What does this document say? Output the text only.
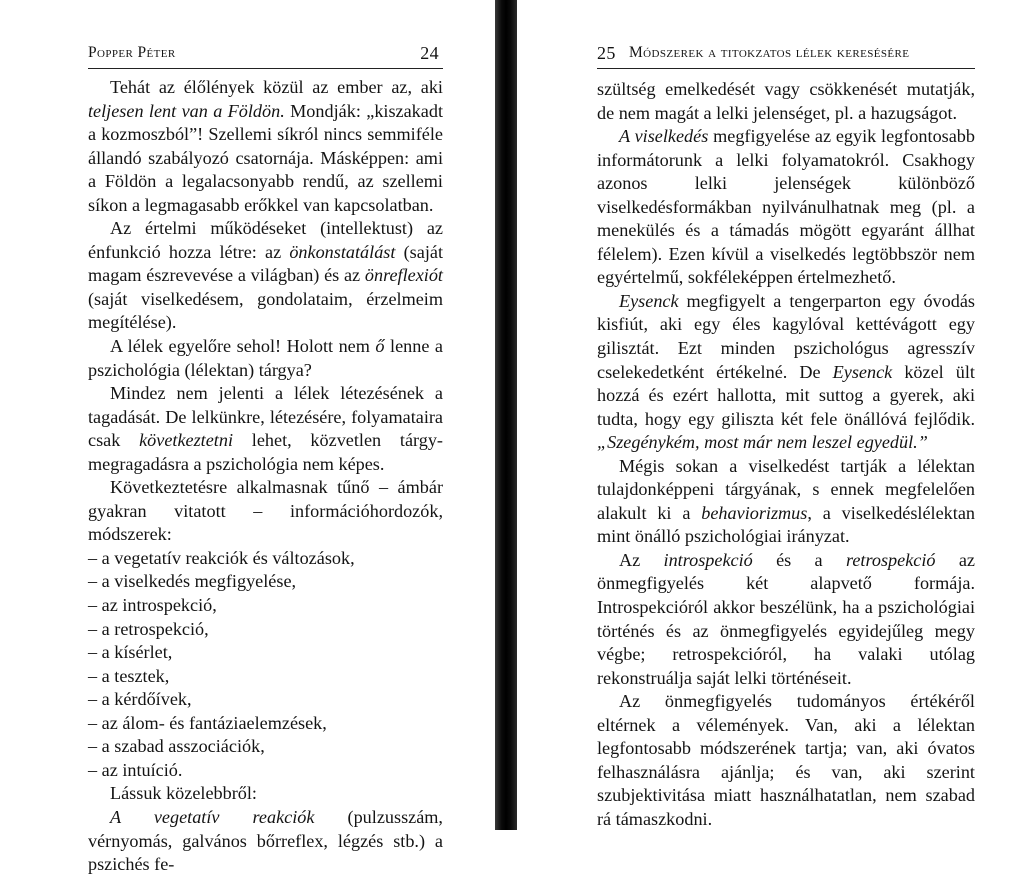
Popper Péter	24

Tehát az élőlények közül az ember az, aki teljesen lent van a Földön. Mondják: „kiszakadt a kozmoszból”! Szellemi síkról nincs semmiféle állandó szabályozó csatornája. Másképpen: ami a Földön a legalacsonyabb rendű, az szellemi síkon a legmagasabb erőkkel van kapcsolatban.

Az értelmi működéseket (intellektust) az énfunkció hozza létre: az önkonstatálást (saját magam észrevevése a világban) és az önreflexiót (saját viselkedésem, gondolataim, érzelmeim megítélése).

A lélek egyelőre sehol! Holott nem ő lenne a pszichológia (lélektan) tárgya?

Mindez nem jelenti a lélek létezésének a tagadását. De lelkünkre, létezésére, folyamataira csak következtetni lehet, közvetlen tárgy-megragadásra a pszichológia nem képes.

Következtetésre alkalmasnak tűnő – ámbár gyakran vitatott – információhordozók, módszerek:

– a vegetatív reakciók és változások,
– a viselkedés megfigyelése,
– az introspekció,
– a retrospekció,
– a kísérlet,
– a tesztek,
– a kérdőívek,
– az álom- és fantáziaelemzések,
– a szabad asszociációk,
– az intuíció.

Lássuk közelebbről:

A vegetatív reakciók (pulzusszám, vérnyomás, galvános bőrreflex, légzés stb.) a pszichés fe-

25 Módszerek a titokzatos lélek keresésére

szültség emelkedését vagy csökkenését mutatják, de nem magát a lelki jelenséget, pl. a hazugságot.

A viselkedés megfigyelése az egyik legfontosabb informátorunk a lelki folyamatokról. Csakhogy azonos lelki jelenségek különböző viselkedésformákban nyilvánulhatnak meg (pl. a menekülés és a támadás mögött egyaránt állhat félelem). Ezen kívül a viselkedés legtöbbször nem egyértelmű, sokféleképpen értelmezhető.

Eysenck megfigyelt a tengerparton egy óvodás kisfiút, aki egy éles kagylóval kettévágott egy gilisztát. Ezt minden pszichológus agresszív cselekedetként értékelné. De Eysenck közel ült hozzá és ezért hallotta, mit suttog a gyerek, aki tudta, hogy egy giliszta két fele önállóvá fejlődik. „Szegénykém, most már nem leszel egyedül.”

Mégis sokan a viselkedést tartják a lélektan tulajdonképpeni tárgyának, s ennek megfelelően alakult ki a behaviorizmus, a viselkedéslélektan mint önálló pszichológiai irányzat.

Az introspekció és a retrospekció az önmegfigyelés két alapvető formája. Introspekcióról akkor beszélünk, ha a pszichológiai történés és az önmegfigyelés egyidejűleg megy végbe; retrospekcióról, ha valaki utólag rekonstruálja saját lelki történéseit.

Az önmegfigyelés tudományos értékéről eltérnek a vélemények. Van, aki a lélektan legfontosabb módszerének tartja; van, aki óvatos felhasználásra ajánlja; és van, aki szerint szubjektivitása miatt használhatatlan, nem szabad rá támaszkodni.
